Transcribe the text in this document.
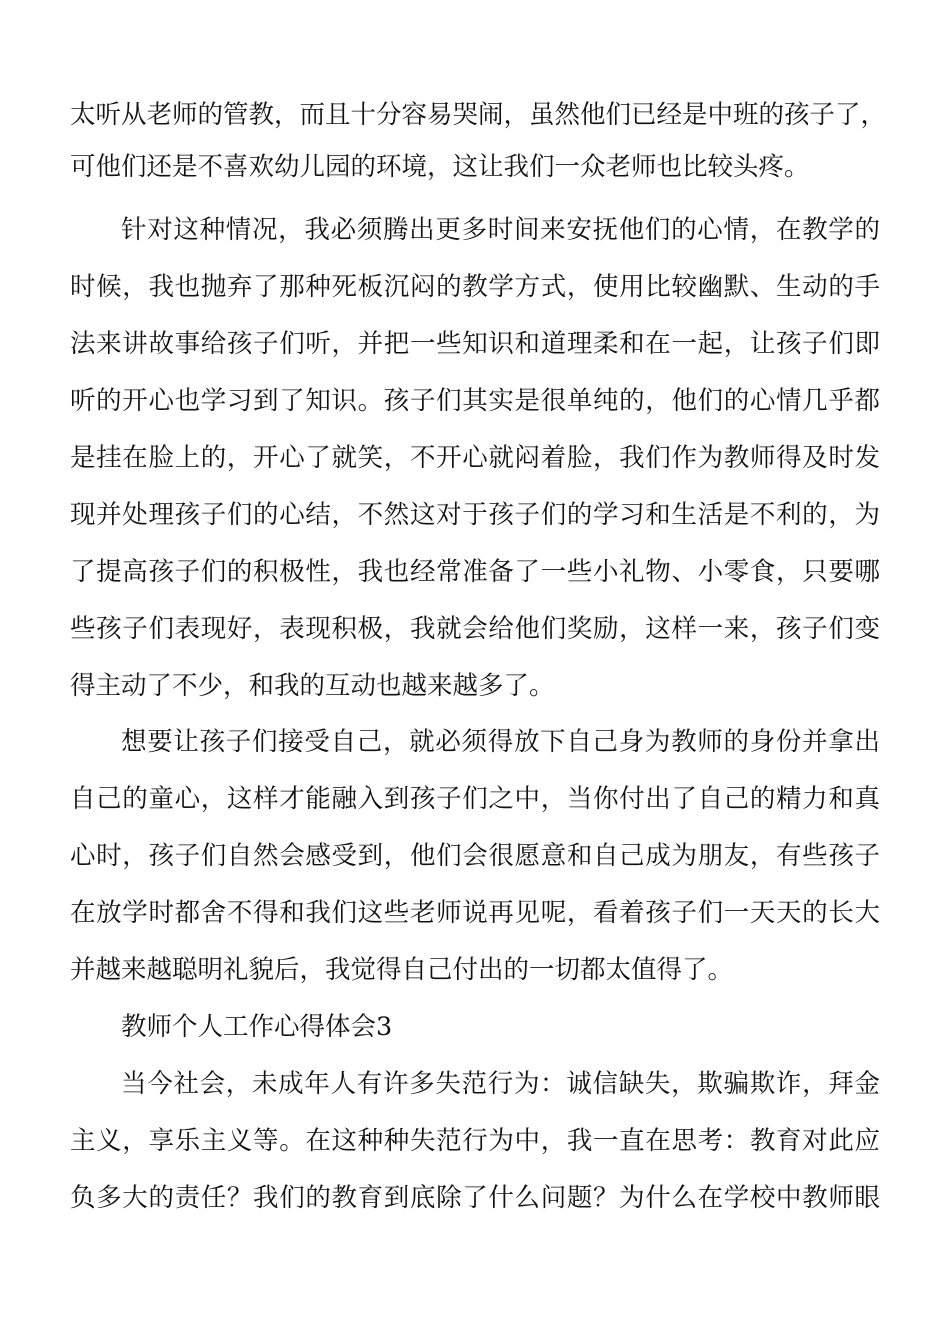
太听从老师的管教，而且十分容易哭闹，虽然他们已经是中班的孩子了，
可他们还是不喜欢幼儿园的环境，这让我们一众老师也比较头疼。
针对这种情况，我必须腾出更多时间来安抚他们的心情，在教学的
时候，我也抛弃了那种死板沉闷的教学方式，使用比较幽默、生动的手
法来讲故事给孩子们听，并把一些知识和道理柔和在一起，让孩子们即
听的开心也学习到了知识。孩子们其实是很单纯的，他们的心情几乎都
是挂在脸上的，开心了就笑，不开心就闷着脸，我们作为教师得及时发
现并处理孩子们的心结，不然这对于孩子们的学习和生活是不利的，为
了提高孩子们的积极性，我也经常准备了一些小礼物、小零食，只要哪
些孩子们表现好，表现积极，我就会给他们奖励，这样一来，孩子们变
得主动了不少，和我的互动也越来越多了。
想要让孩子们接受自己，就必须得放下自己身为教师的身份并拿出
自己的童心，这样才能融入到孩子们之中，当你付出了自己的精力和真
心时，孩子们自然会感受到，他们会很愿意和自己成为朋友，有些孩子
在放学时都舍不得和我们这些老师说再见呢，看着孩子们一天天的长大
并越来越聪明礼貌后，我觉得自己付出的一切都太值得了。
教师个人工作心得体会3
当今社会，未成年人有许多失范行为：诚信缺失，欺骗欺诈，拜金
主义，享乐主义等。在这种种失范行为中，我一直在思考：教育对此应
负多大的责任？我们的教育到底除了什么问题？为什么在学校中教师眼
